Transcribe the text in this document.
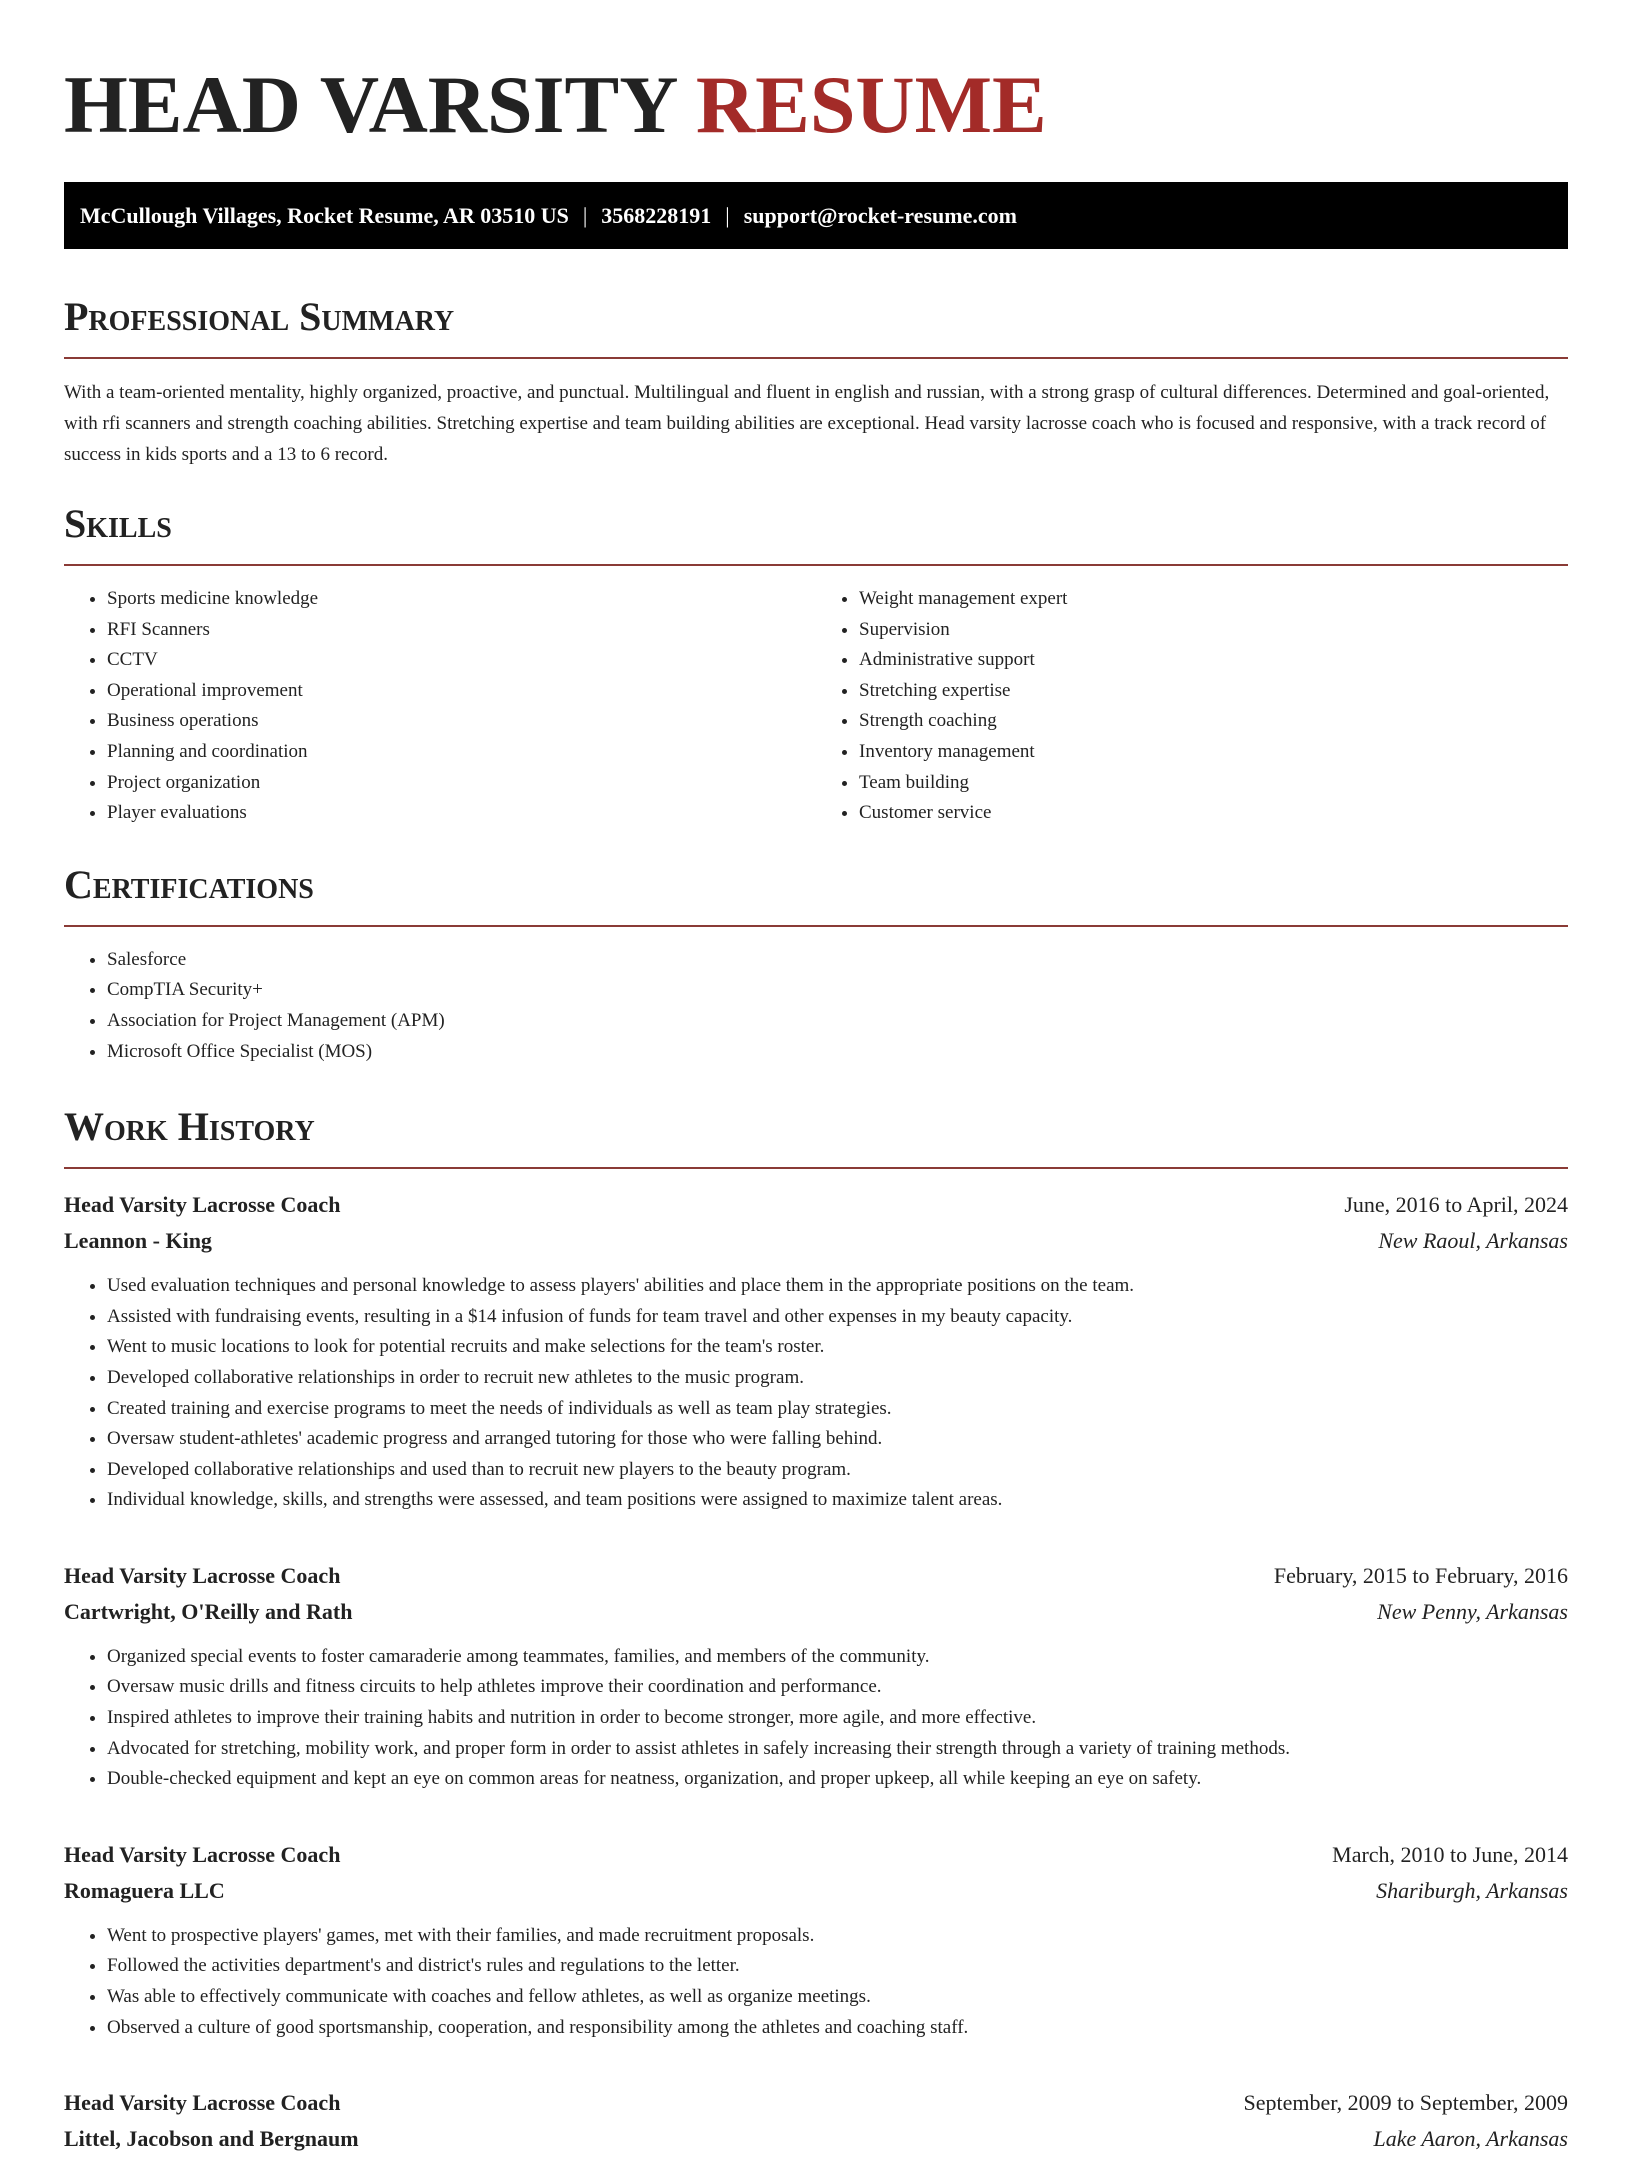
HEAD VARSITY RESUME
McCullough Villages, Rocket Resume, AR 03510 US | 3568228191 | support@rocket-resume.com
Professional Summary

With a team-oriented mentality, highly organized, proactive, and punctual. Multilingual and fluent in english and russian, with a strong grasp of cultural differences. Determined and goal-oriented, with rfi scanners and strength coaching abilities. Stretching expertise and team building abilities are exceptional. Head varsity lacrosse coach who is focused and responsive, with a track record of success in kids sports and a 13 to 6 record.

Skills
• Sports medicine knowledge
• RFI Scanners
• CCTV
• Operational improvement
• Business operations
• Planning and coordination
• Project organization
• Player evaluations
• Weight management expert
• Supervision
• Administrative support
• Stretching expertise
• Strength coaching
• Inventory management
• Team building
• Customer service
Certifications
• Salesforce
• CompTIA Security+
• Association for Project Management (APM)
• Microsoft Office Specialist (MOS)
Work History
Head Varsity Lacrosse Coach	June, 2016 to April, 2024
Leannon - King	New Raoul, Arkansas
• Used evaluation techniques and personal knowledge to assess players' abilities and place them in the appropriate positions on the team.
• Assisted with fundraising events, resulting in a $14 infusion of funds for team travel and other expenses in my beauty capacity.
• Went to music locations to look for potential recruits and make selections for the team's roster.
• Developed collaborative relationships in order to recruit new athletes to the music program.
• Created training and exercise programs to meet the needs of individuals as well as team play strategies.
• Oversaw student-athletes' academic progress and arranged tutoring for those who were falling behind.
• Developed collaborative relationships and used than to recruit new players to the beauty program.
• Individual knowledge, skills, and strengths were assessed, and team positions were assigned to maximize talent areas.
Head Varsity Lacrosse Coach	February, 2015 to February, 2016
Cartwright, O'Reilly and Rath	New Penny, Arkansas
• Organized special events to foster camaraderie among teammates, families, and members of the community.
• Oversaw music drills and fitness circuits to help athletes improve their coordination and performance.
• Inspired athletes to improve their training habits and nutrition in order to become stronger, more agile, and more effective.
• Advocated for stretching, mobility work, and proper form in order to assist athletes in safely increasing their strength through a variety of training methods.
• Double-checked equipment and kept an eye on common areas for neatness, organization, and proper upkeep, all while keeping an eye on safety.
Head Varsity Lacrosse Coach	March, 2010 to June, 2014
Romaguera LLC	Shariburgh, Arkansas
• Went to prospective players' games, met with their families, and made recruitment proposals.
• Followed the activities department's and district's rules and regulations to the letter.
• Was able to effectively communicate with coaches and fellow athletes, as well as organize meetings.
• Observed a culture of good sportsmanship, cooperation, and responsibility among the athletes and coaching staff.
Head Varsity Lacrosse Coach	September, 2009 to September, 2009
Littel, Jacobson and Bergnaum	Lake Aaron, Arkansas
